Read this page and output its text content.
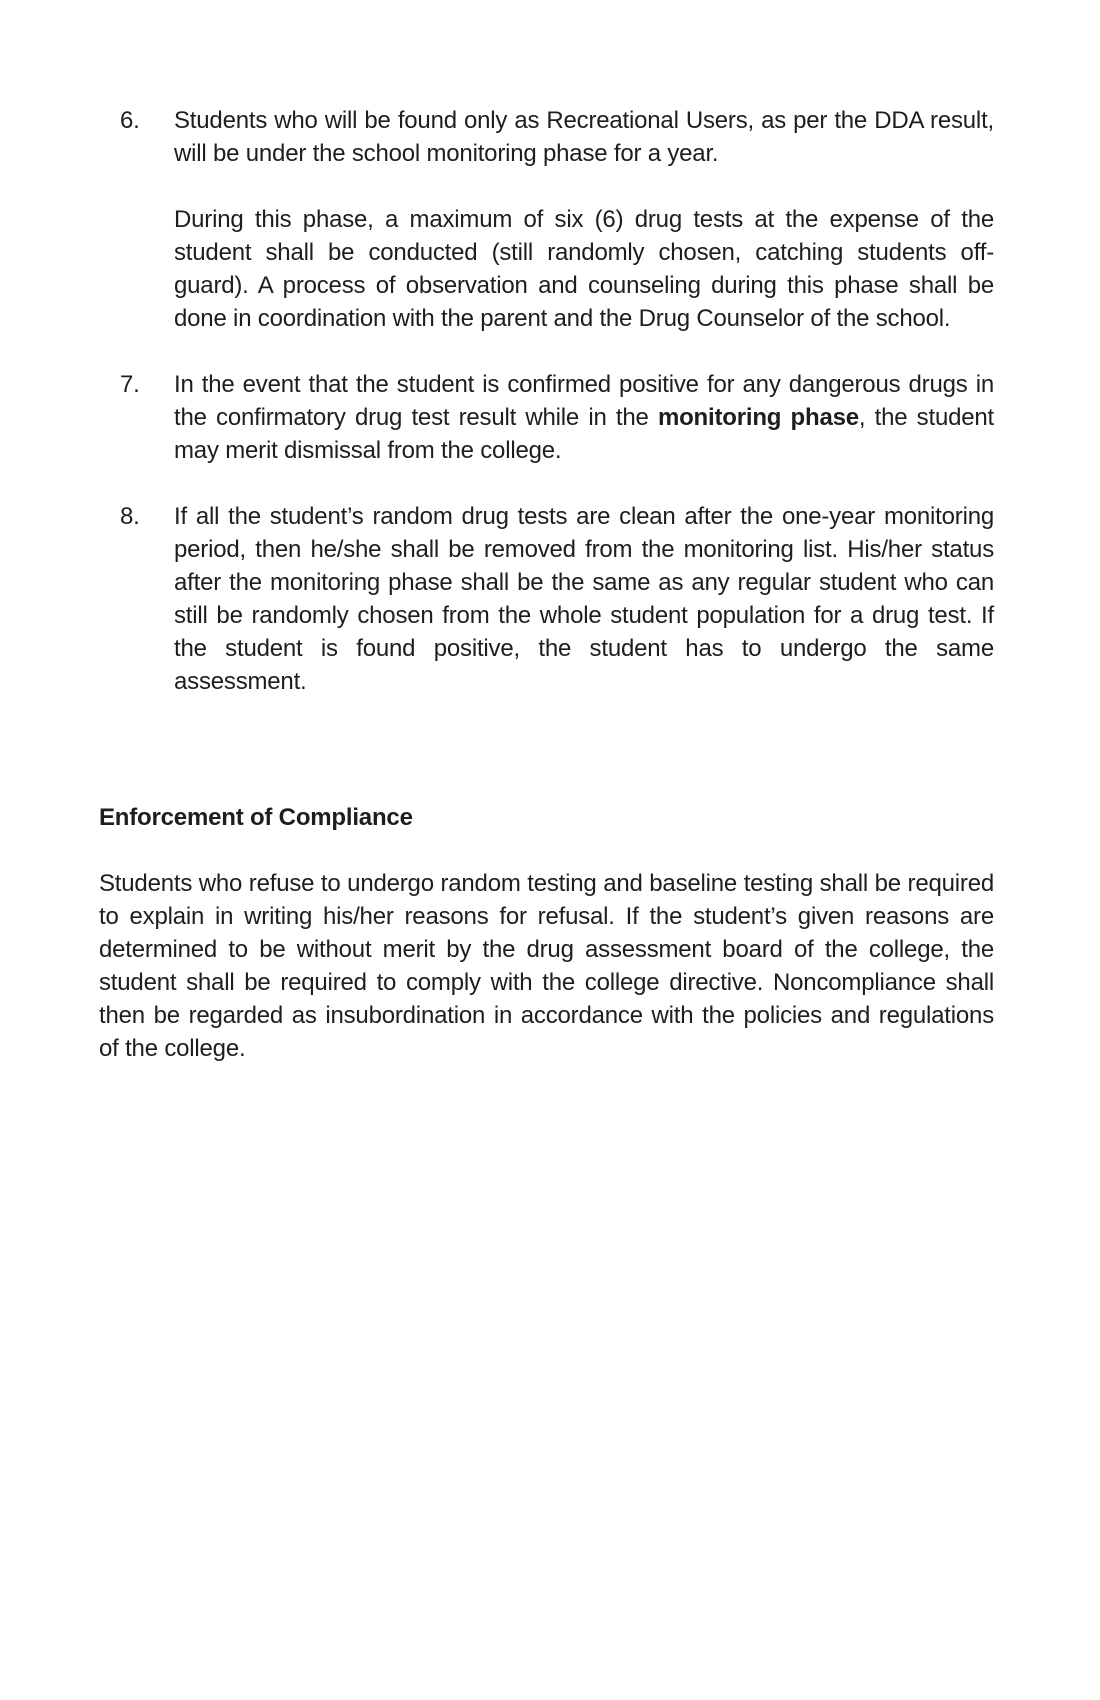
6.	Students who will be found only as Recreational Users, as per the DDA result, will be under the school monitoring phase for a year.

During this phase, a maximum of six (6) drug tests at the expense of the student shall be conducted (still randomly chosen, catching students off-guard). A process of observation and counseling during this phase shall be done in coordination with the parent and the Drug Counselor of the school.

7.	In the event that the student is confirmed positive for any dangerous drugs in the confirmatory drug test result while in the monitoring phase, the student may merit dismissal from the college.

8.	If all the student’s random drug tests are clean after the one-year monitoring period, then he/she shall be removed from the monitoring list. His/her status after the monitoring phase shall be the same as any regular student who can still be randomly chosen from the whole student population for a drug test. If the student is found positive, the student has to undergo the same assessment.

Enforcement of Compliance

Students who refuse to undergo random testing and baseline testing shall be required to explain in writing his/her reasons for refusal. If the student’s given reasons are determined to be without merit by the drug assessment board of the college, the student shall be required to comply with the college directive. Noncompliance shall then be regarded as insubordination in accordance with the policies and regulations of the college.
